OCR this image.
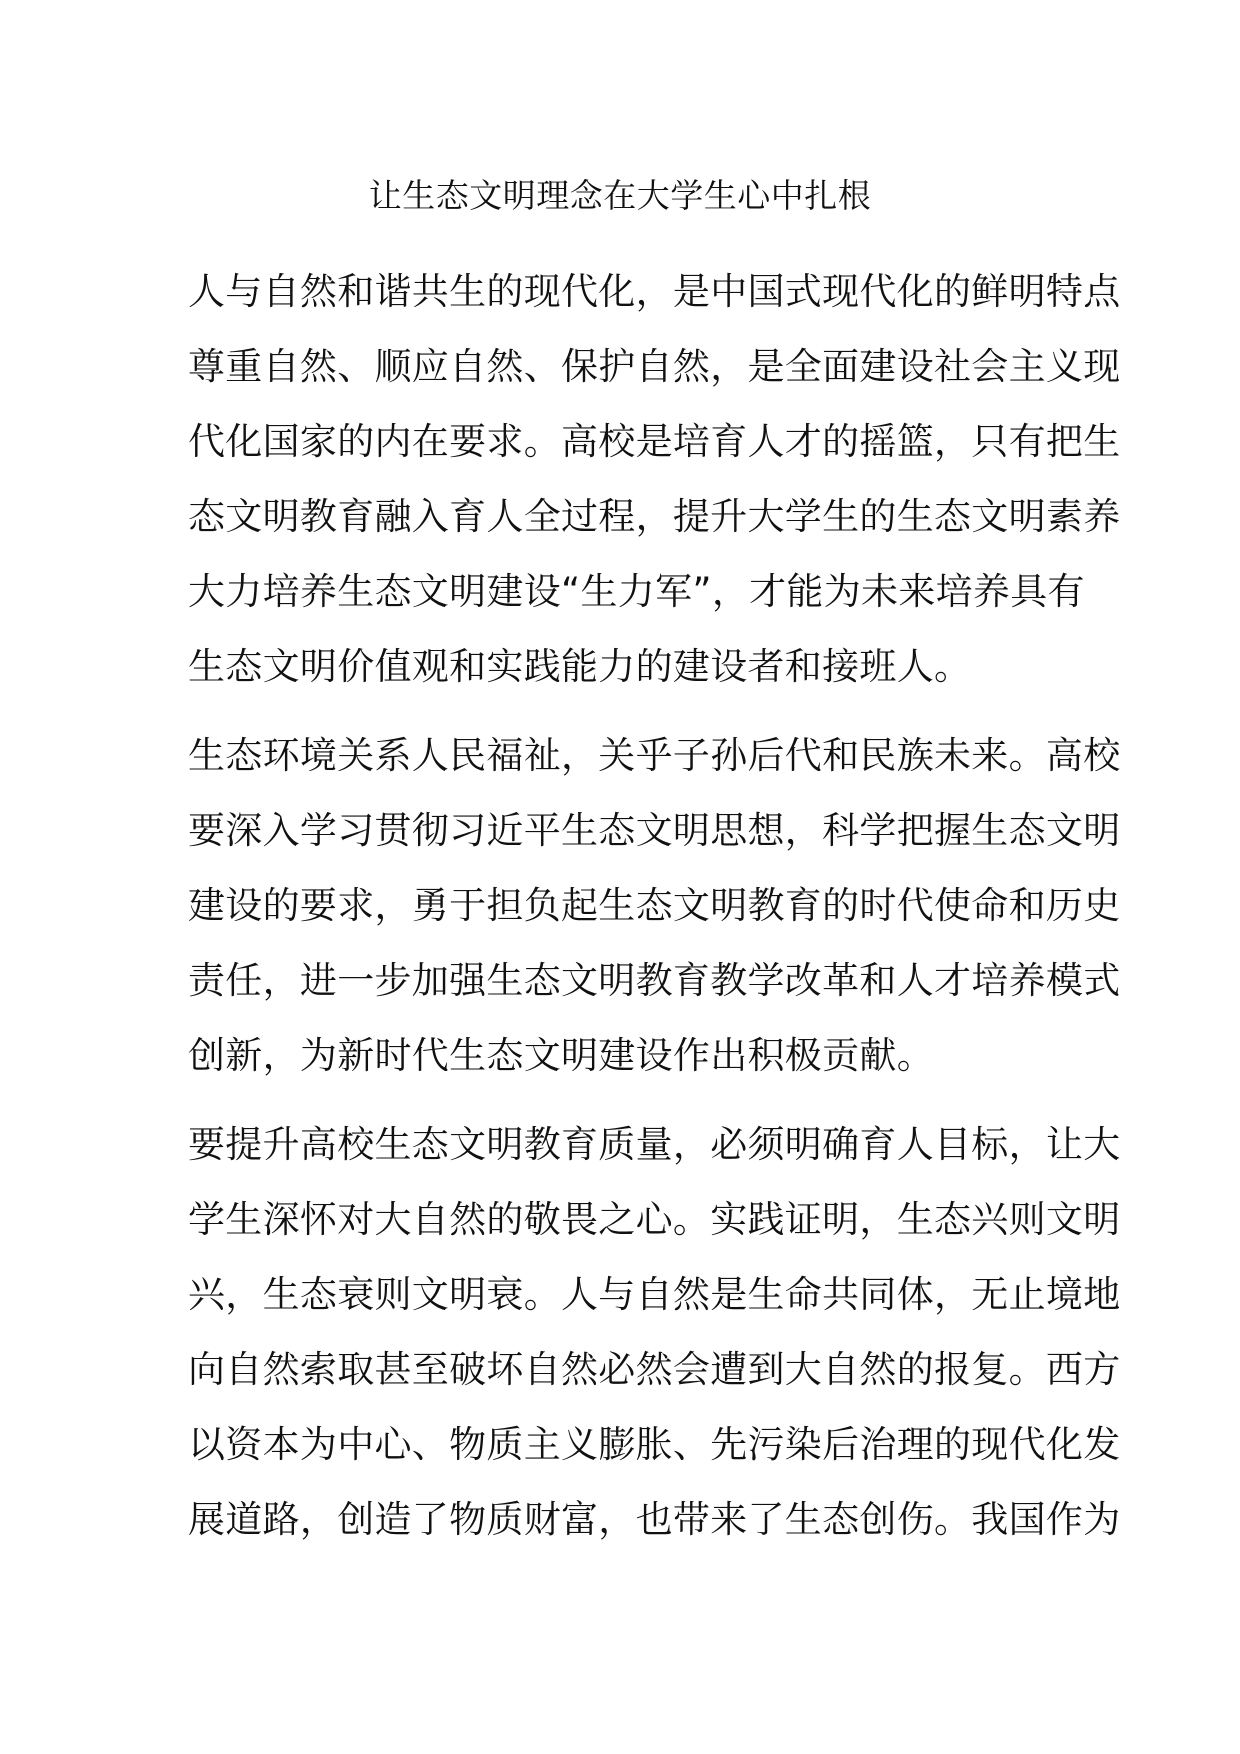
让生态文明理念在大学生心中扎根
人与自然和谐共生的现代化，是中国式现代化的鲜明特点
尊重自然、顺应自然、保护自然，是全面建设社会主义现
代化国家的内在要求。高校是培育人才的摇篮，只有把生
态文明教育融入育人全过程，提升大学生的生态文明素养
大力培养生态文明建设“生力军”，才能为未来培养具有
生态文明价值观和实践能力的建设者和接班人。
生态环境关系人民福祉，关乎子孙后代和民族未来。高校
要深入学习贯彻习近平生态文明思想，科学把握生态文明
建设的要求，勇于担负起生态文明教育的时代使命和历史
责任，进一步加强生态文明教育教学改革和人才培养模式
创新，为新时代生态文明建设作出积极贡献。
要提升高校生态文明教育质量，必须明确育人目标，让大
学生深怀对大自然的敬畏之心。实践证明，生态兴则文明
兴，生态衰则文明衰。人与自然是生命共同体，无止境地
向自然索取甚至破坏自然必然会遭到大自然的报复。西方
以资本为中心、物质主义膨胀、先污染后治理的现代化发
展道路，创造了物质财富，也带来了生态创伤。我国作为
